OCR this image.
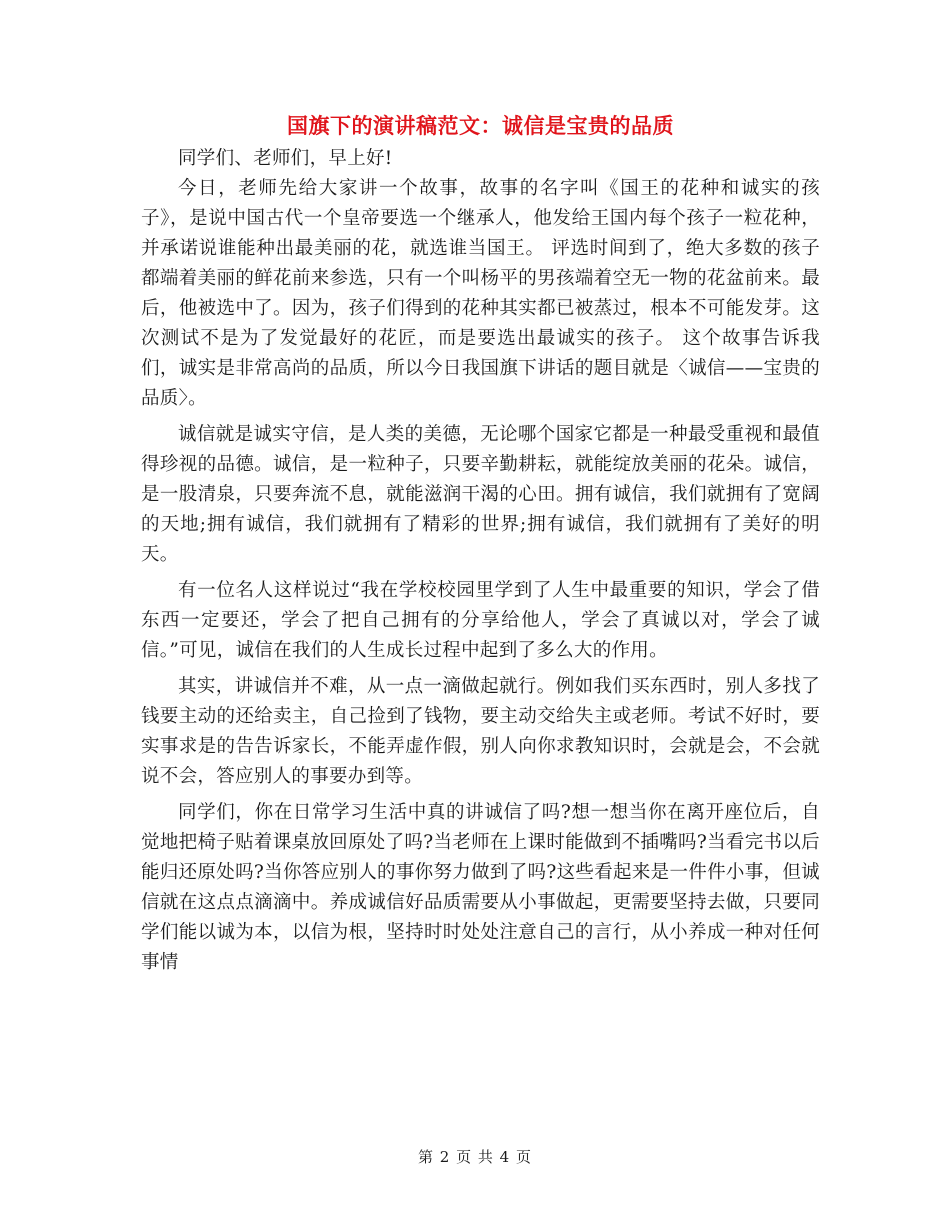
国旗下的演讲稿范文：诚信是宝贵的品质

同学们、老师们，早上好!

今日，老师先给大家讲一个故事，故事的名字叫《国王的花种和诚实的孩子》，是说中国古代一个皇帝要选一个继承人，他发给王国内每个孩子一粒花种，并承诺说谁能种出最美丽的花，就选谁当国王。 评选时间到了，绝大多数的孩子都端着美丽的鲜花前来参选，只有一个叫杨平的男孩端着空无一物的花盆前来。最后，他被选中了。因为，孩子们得到的花种其实都已被蒸过，根本不可能发芽。这次测试不是为了发觉最好的花匠，而是要选出最诚实的孩子。 这个故事告诉我们，诚实是非常高尚的品质，所以今日我国旗下讲话的题目就是〈诚信——宝贵的品质〉。

诚信就是诚实守信，是人类的美德，无论哪个国家它都是一种最受重视和最值得珍视的品德。诚信，是一粒种子，只要辛勤耕耘，就能绽放美丽的花朵。诚信，是一股清泉，只要奔流不息，就能滋润干渴的心田。拥有诚信，我们就拥有了宽阔的天地;拥有诚信，我们就拥有了精彩的世界;拥有诚信，我们就拥有了美好的明天。

有一位名人这样说过“我在学校校园里学到了人生中最重要的知识，学会了借东西一定要还，学会了把自己拥有的分享给他人，学会了真诚以对，学会了诚信。”可见，诚信在我们的人生成长过程中起到了多么大的作用。

其实，讲诚信并不难，从一点一滴做起就行。例如我们买东西时，别人多找了钱要主动的还给卖主，自己捡到了钱物，要主动交给失主或老师。考试不好时，要实事求是的告告诉家长，不能弄虚作假，别人向你求教知识时，会就是会，不会就说不会，答应别人的事要办到等。

同学们，你在日常学习生活中真的讲诚信了吗?想一想当你在离开座位后，自觉地把椅子贴着课桌放回原处了吗?当老师在上课时能做到不插嘴吗?当看完书以后能归还原处吗?当你答应别人的事你努力做到了吗?这些看起来是一件件小事，但诚信就在这点点滴滴中。养成诚信好品质需要从小事做起，更需要坚持去做，只要同学们能以诚为本，以信为根，坚持时时处处注意自己的言行，从小养成一种对任何事情

第 2 页 共 4 页
